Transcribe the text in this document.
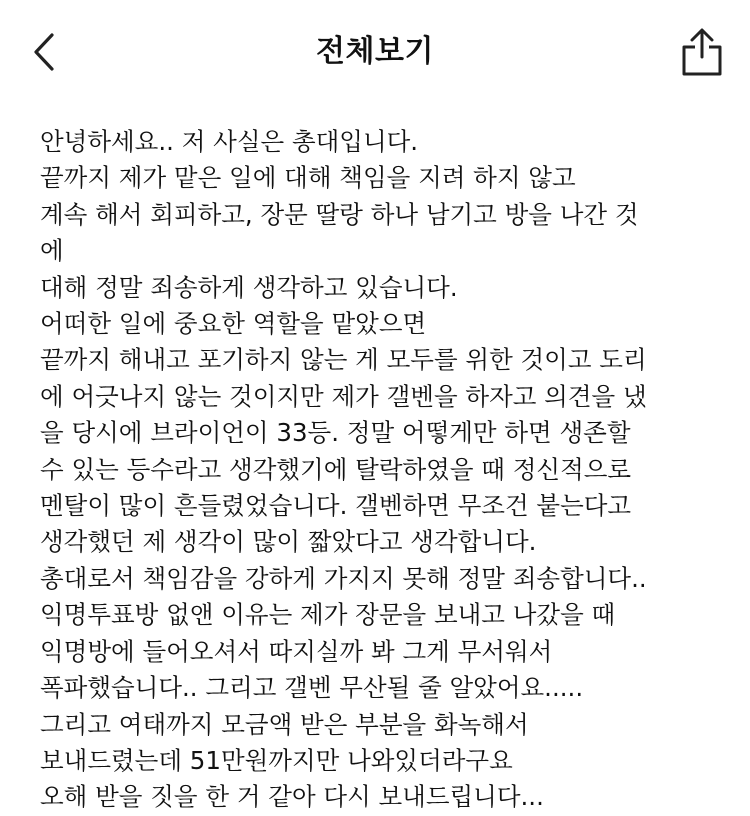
전체보기
안녕하세요.. 저 사실은 총대입니다.
끝까지 제가 맡은 일에 대해 책임을 지려 하지 않고
계속 해서 회피하고, 장문 딸랑 하나 남기고 방을 나간 것
에
대해 정말 죄송하게 생각하고 있습니다.
어떠한 일에 중요한 역할을 맡았으면
끝까지 해내고 포기하지 않는 게 모두를 위한 것이고 도리
에 어긋나지 않는 것이지만 제가 갤벤을 하자고 의견을 냈
을 당시에 브라이언이 33등. 정말 어떻게만 하면 생존할
수 있는 등수라고 생각했기에 탈락하였을 때 정신적으로
멘탈이 많이 흔들렸었습니다. 갤벤하면 무조건 붙는다고
생각했던 제 생각이 많이 짧았다고 생각합니다.
총대로서 책임감을 강하게 가지지 못해 정말 죄송합니다..
익명투표방 없앤 이유는 제가 장문을 보내고 나갔을 때
익명방에 들어오셔서 따지실까 봐 그게 무서워서
폭파했습니다.. 그리고 갤벤 무산될 줄 알았어요.....
그리고 여태까지 모금액 받은 부분을 화녹해서
보내드렸는데 51만원까지만 나와있더라구요
오해 받을 짓을 한 거 같아 다시 보내드립니다...
